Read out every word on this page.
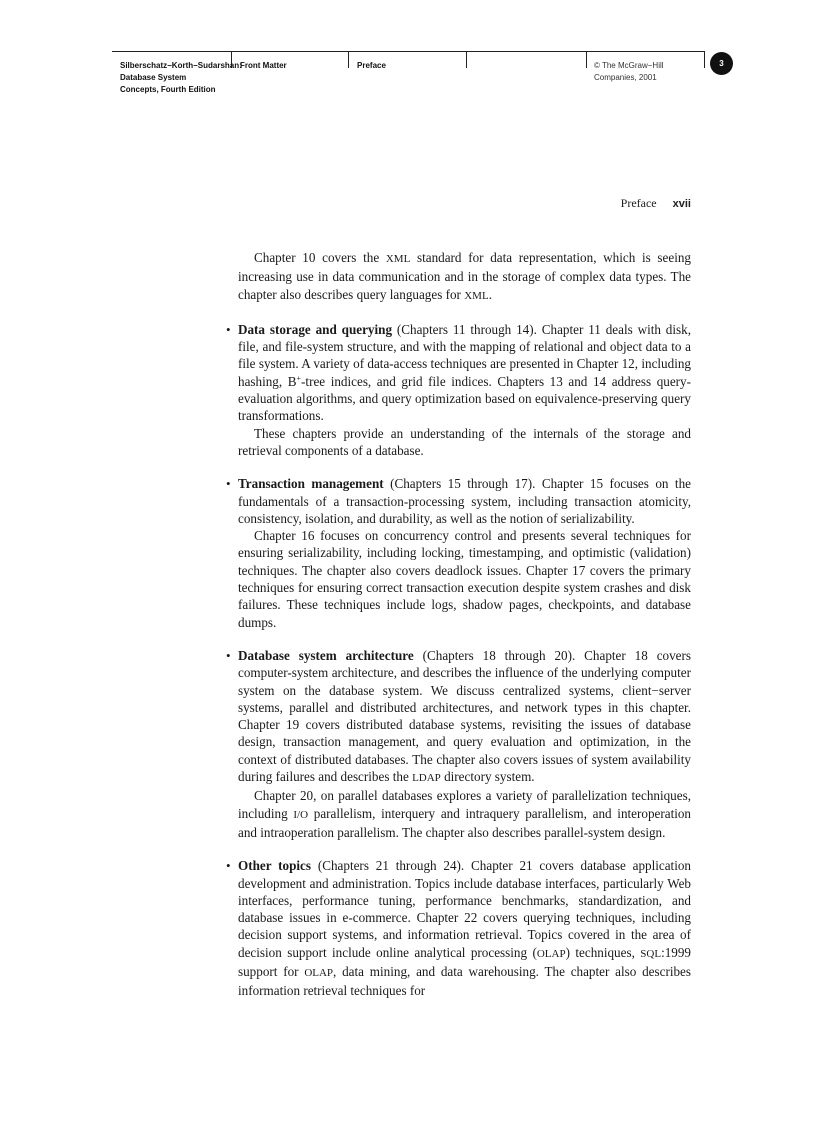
Silberschatz−Korth−Sudarshan:
Database System
Concepts, Fourth Edition
Front Matter	Preface	© The McGraw−Hill
Companies, 2001
3
Preface xvii

Chapter 10 covers the XML standard for data representation, which is seeing increasing use in data communication and in the storage of complex data types. The chapter also describes query languages for XML.

• Data storage and querying (Chapters 11 through 14). Chapter 11 deals with disk, file, and file-system structure, and with the mapping of relational and object data to a file system. A variety of data-access techniques are presented in Chapter 12, including hashing, B+-tree indices, and grid file indices. Chapters 13 and 14 address query-evaluation algorithms, and query optimization based on equivalence-preserving query transformations.

These chapters provide an understanding of the internals of the storage and retrieval components of a database.

• Transaction management (Chapters 15 through 17). Chapter 15 focuses on the fundamentals of a transaction-processing system, including transaction atomicity, consistency, isolation, and durability, as well as the notion of serializability.

Chapter 16 focuses on concurrency control and presents several techniques for ensuring serializability, including locking, timestamping, and optimistic (validation) techniques. The chapter also covers deadlock issues. Chapter 17 covers the primary techniques for ensuring correct transaction execution despite system crashes and disk failures. These techniques include logs, shadow pages, checkpoints, and database dumps.

• Database system architecture (Chapters 18 through 20). Chapter 18 covers computer-system architecture, and describes the influence of the underlying computer system on the database system. We discuss centralized systems, client−server systems, parallel and distributed architectures, and network types in this chapter. Chapter 19 covers distributed database systems, revisiting the issues of database design, transaction management, and query evaluation and optimization, in the context of distributed databases. The chapter also covers issues of system availability during failures and describes the LDAP directory system.

Chapter 20, on parallel databases explores a variety of parallelization techniques, including I/O parallelism, interquery and intraquery parallelism, and interoperation and intraoperation parallelism. The chapter also describes parallel-system design.

• Other topics (Chapters 21 through 24). Chapter 21 covers database application development and administration. Topics include database interfaces, particularly Web interfaces, performance tuning, performance benchmarks, standardization, and database issues in e-commerce. Chapter 22 covers querying techniques, including decision support systems, and information retrieval. Topics covered in the area of decision support include online analytical processing (OLAP) techniques, SQL:1999 support for OLAP, data mining, and data warehousing. The chapter also describes information retrieval techniques for
